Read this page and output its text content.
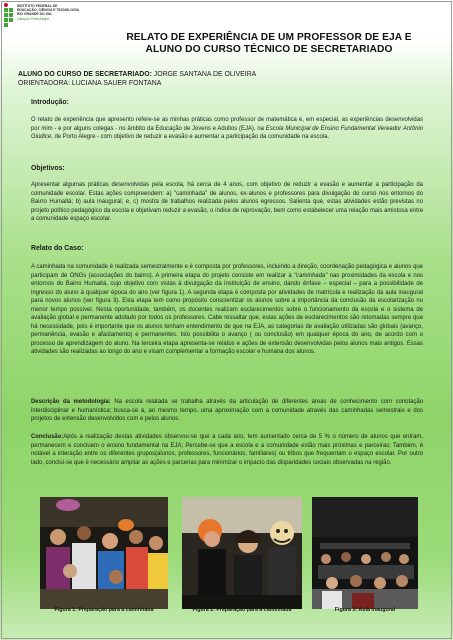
INSTITUTO FEDERAL DE
EDUCAÇÃO, CIÊNCIA E TECNOLOGIA
RIO GRANDE DO SUL
Câmpus Porto Alegre
RELATO DE EXPERIÊNCIA DE UM PROFESSOR DE EJA E
ALUNO DO CURSO TÉCNICO DE SECRETARIADO
ALUNO DO CURSO DE SECRETARIADO: JORGE SANTANA DE OLIVEIRA
ORIENTADORA: LUCIANA SAUER FONTANA
Introdução:
O relato de experiência que apresento refere-se as minhas práticas como professor de matemática e, em especial, as experiências desenvolvidas por mim - e por alguns colegas - no âmbito da Educação de Jovens e Adultos (EJA), na Escola Municipal de Ensino Fundamental Vereador Antônio Giúdice, de Porto Alegre - com objetivo de reduzir a evasão e aumentar a participação da comunidade na escola.
Objetivos:
Apresentar algumas práticas desenvolvidas pela escola, há cerca de 4 anos, com objetivo de reduzir a evasão e aumentar a participação da comunidade escolar. Estas ações compreendem: a) "caminhada" de alunos, ex-alunos e professores para divulgação do curso nos entornos do Bairro Humaitá; b) aula inaugural; e, c) mostra de trabalhos realizada pelos alunos egressos. Salienta que, estas atividades estão previstas no projeto político pedagógico da escola e objetivam reduzir a evasão, o índice de reprovação, bem como estabelecer uma relação mais amistosa entre a comunidade espaço escolar.
Relato do Caso:
A caminhada na comunidade é realizada semestralmente e é composta por professores, incluindo a direção, coordenação pedagógica e alunos que participam de ONGs (associações do bairro). A primeira etapa do projeto consiste em realizar a "caminhada" nas proximidades da escola e nos entornos do Bairro Humaitá, cujo objetivo com vistas à divulgação da instituição de ensino, dando ênfase – especial – para a possibilidade de ingresso do aluno à qualquer época do ano (ver figura 1). A segunda etapa é composta por atividades de matrícula e realização da aula inaugural para novos alunos (ver figura 3). Esta etapa tem como propósito conscientizar os alunos sobre a importância da conclusão da escolarização no menor tempo possível. Nesta oportunidade, também, os docentes realizam esclarecimentos sobre o funcionamento da escola e o sistema de avaliação global e permanente adotado por todos os professores. Cabe ressaltar que, estas ações de esclarecimentos são retomadas sempre que há necessidade, pois é importante que os alunos tenham entendimento de que na EJA, as categorias de avaliação utilizadas são globais (avanço, permanência, evasão e afastamento) e permanentes. Isto possibilita o avanço ( ou conclusão) em qualquer época do ano, de acordo com o processo de aprendizagem do aluno. Na terceira etapa apresenta-se relatos e ações de extensão desenvolvidas pelos alunos mais antigos. Essas atividades são realizadas ao longo do ano e visam complementar a formação escolar e humana dos alunos.
Descrição da metodologia: Na escola relatada se trabalha através da articulação de diferentes áreas de conhecimento com conotação interdisciplinar e humanística; busca-se a, ao mesmo tempo, uma aproximação com a comunidade através das caminhadas semestrais e dos projetos de extensão desenvolvidos com e pelos alunos.
Conclusão:Após a realização destas atividades observou-se que a cada ano, tem aumentado cerca de 5 % o número de alunos que entram, permanecem e concluem o ensino fundamental na EJA; Percebe-se que a escola e a comunidade estão mais próximas e parceiras; Também, é notável a interação entre os diferentes grupos(alunos, professores, funcionários, familiares) ou tribos que frequentam o espaço escolar. Por outro lado, conclui-se que é necessário ampliar as ações e parcerias para minimizar o impacto das disparidades sociais observadas na região.
Figura 1: Preparação para a caminhada	Figura 2: Preparação para a caminhada	Figura 3: Aula inaugural
